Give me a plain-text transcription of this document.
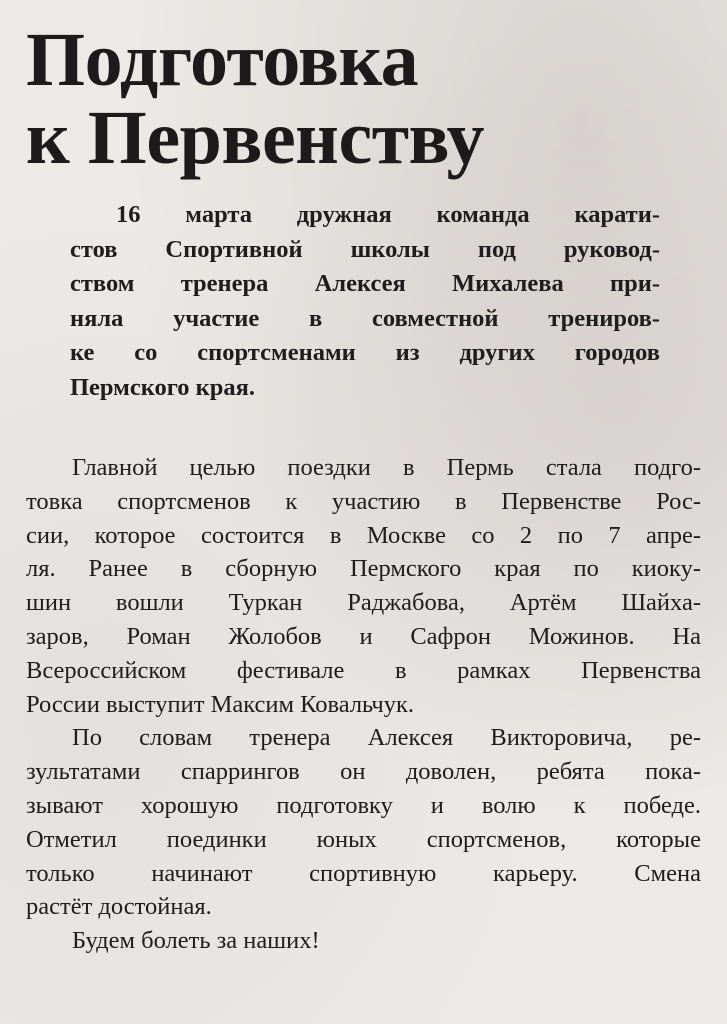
Подготовка
к Первенству
16 марта дружная команда карати-
стов Спортивной школы под руковод-
ством тренера Алексея Михалева при-
няла участие в совместной трениров-
ке со спортсменами из других городов
Пермского края.
Главной целью поездки в Пермь стала подго-
товка спортсменов к участию в Первенстве Рос-
сии, которое состоится в Москве со 2 по 7 апре-
ля. Ранее в сборную Пермского края по киоку-
шин вошли Туркан Раджабова, Артём Шайха-
заров, Роман Жолобов и Сафрон Можинов. На
Всероссийском фестивале в рамках Первенства
России выступит Максим Ковальчук.
По словам тренера Алексея Викторовича, ре-
зультатами спаррингов он доволен, ребята пока-
зывают хорошую подготовку и волю к победе.
Отметил поединки юных спортсменов, которые
только начинают спортивную карьеру. Смена
растёт достойная.
Будем болеть за наших!
